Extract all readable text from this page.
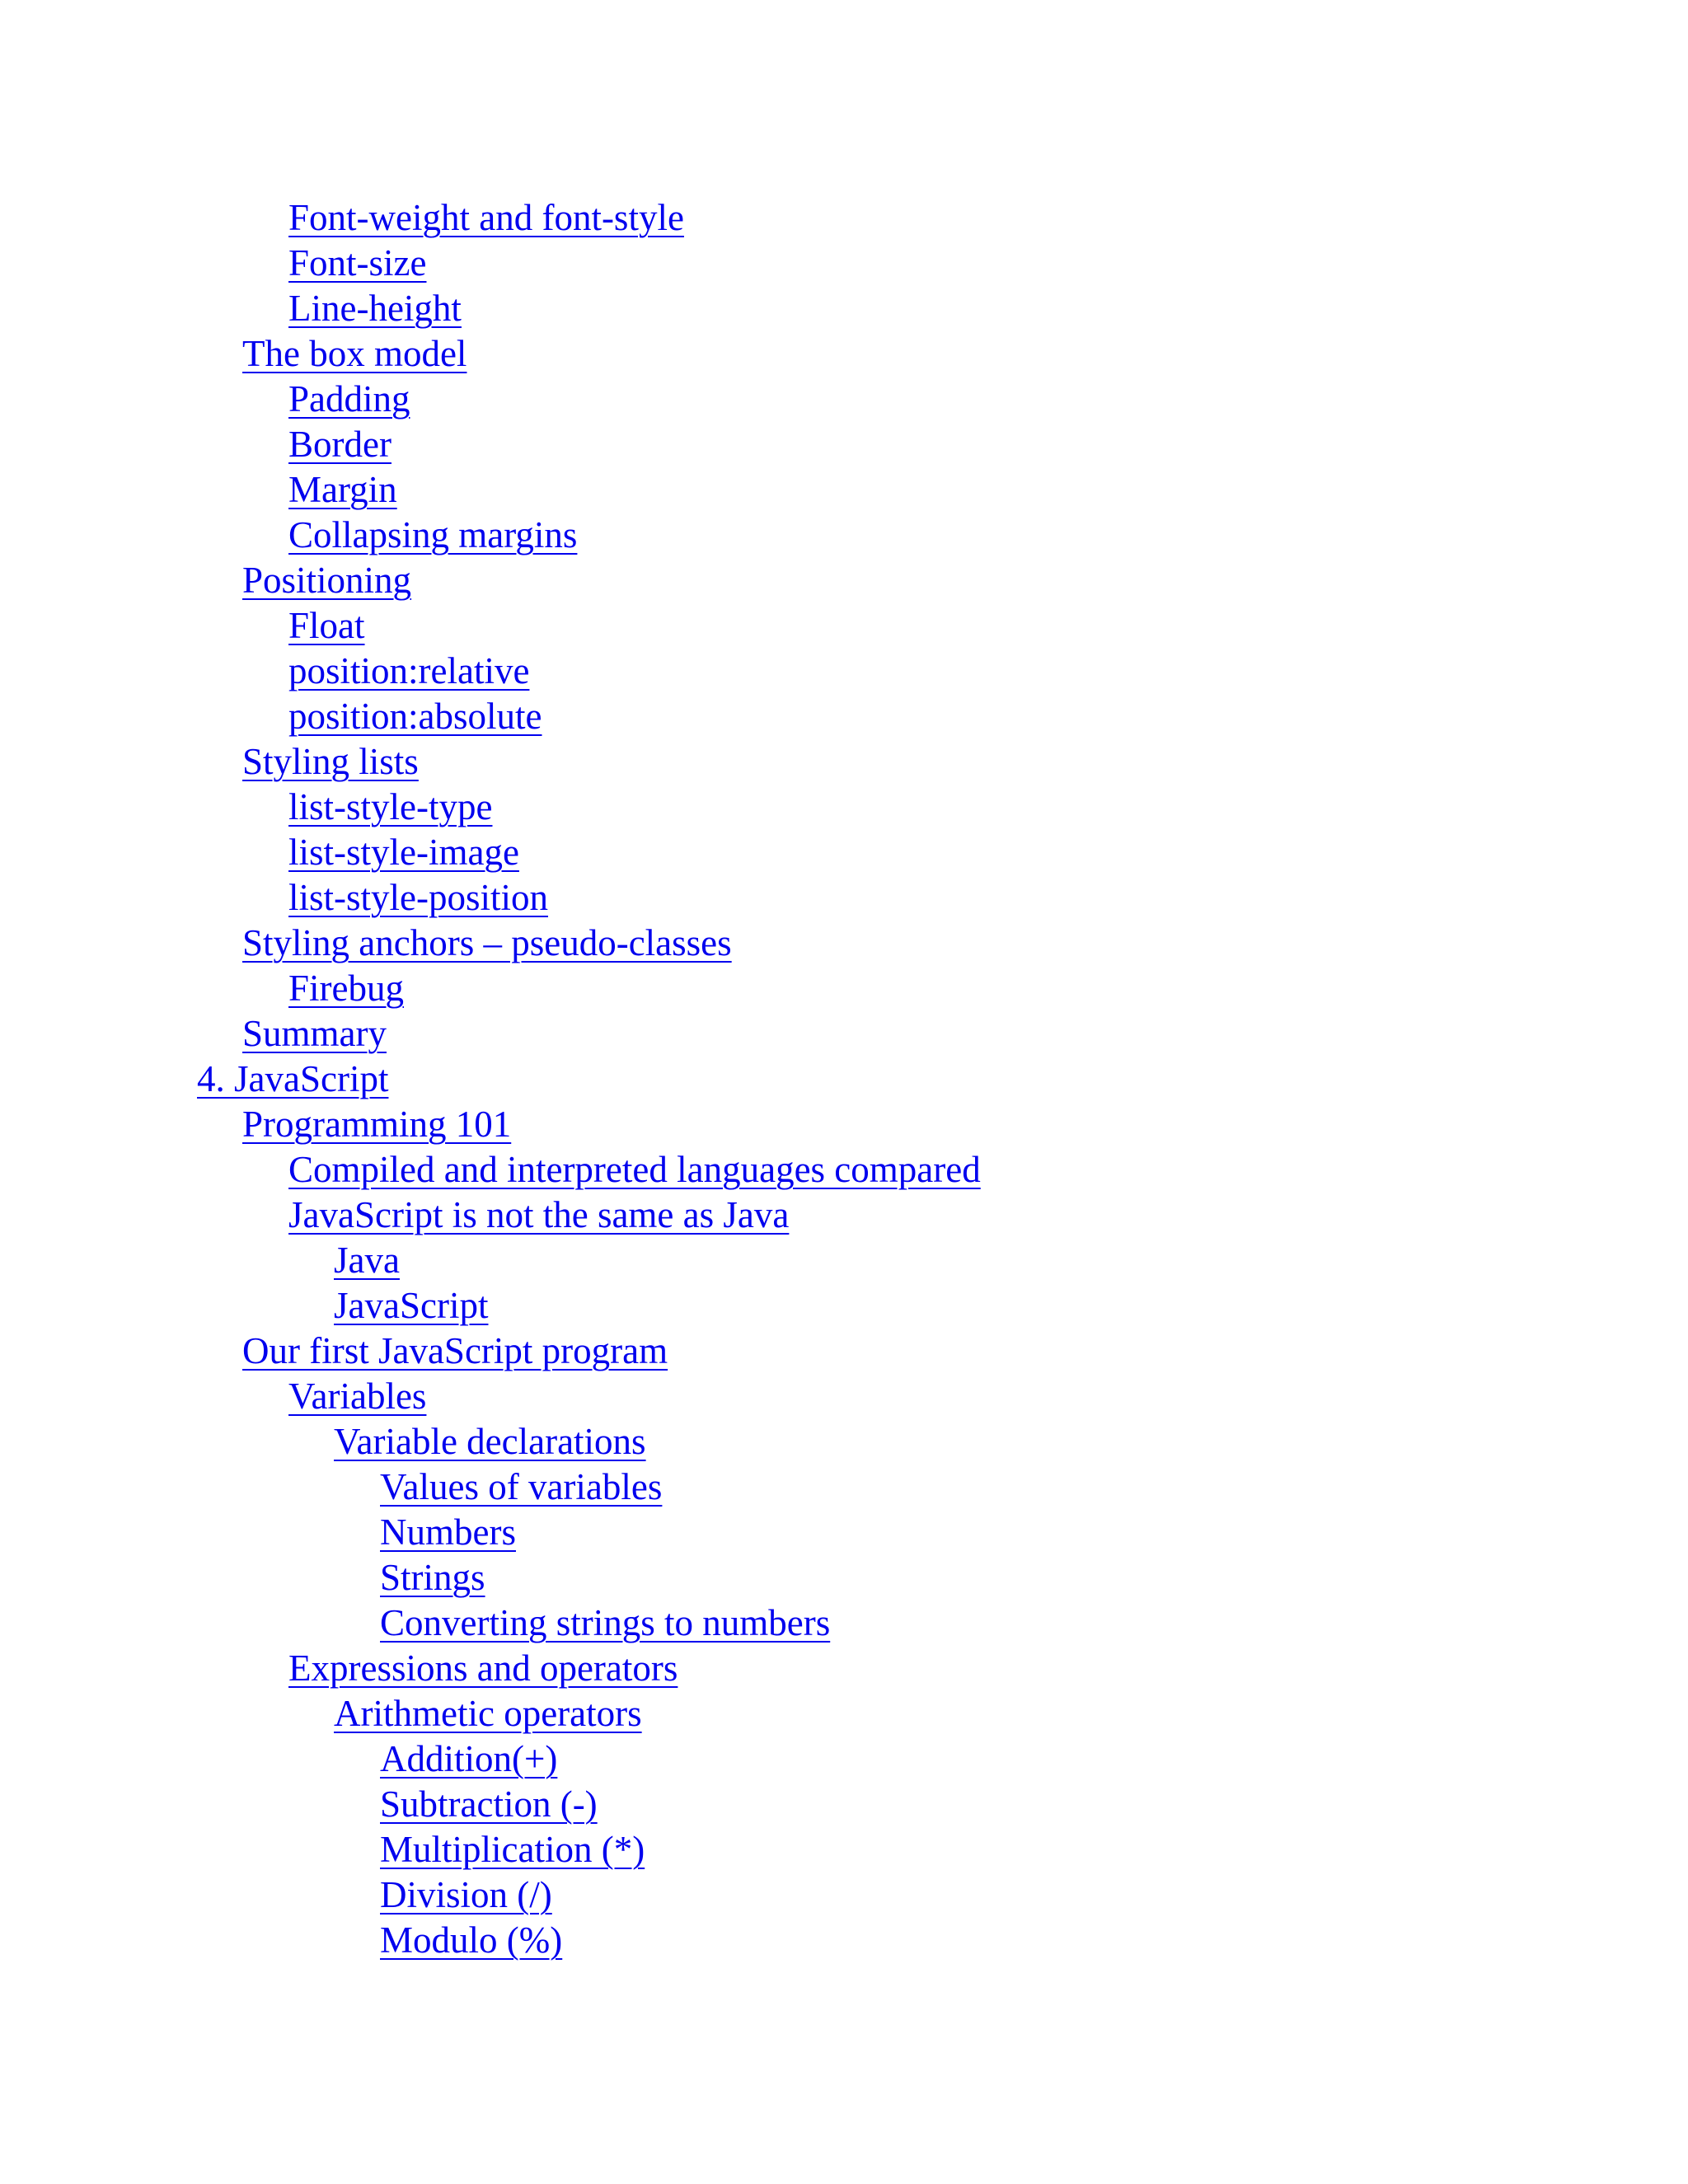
Font-weight and font-style
Font-size
Line-height
The box model
Padding
Border
Margin
Collapsing margins
Positioning
Float
position:relative
position:absolute
Styling lists
list-style-type
list-style-image
list-style-position
Styling anchors – pseudo-classes
Firebug
Summary
4. JavaScript
Programming 101
Compiled and interpreted languages compared
JavaScript is not the same as Java
Java
JavaScript
Our first JavaScript program
Variables
Variable declarations
Values of variables
Numbers
Strings
Converting strings to numbers
Expressions and operators
Arithmetic operators
Addition(+)
Subtraction (-)
Multiplication (*)
Division (/)
Modulo (%)
